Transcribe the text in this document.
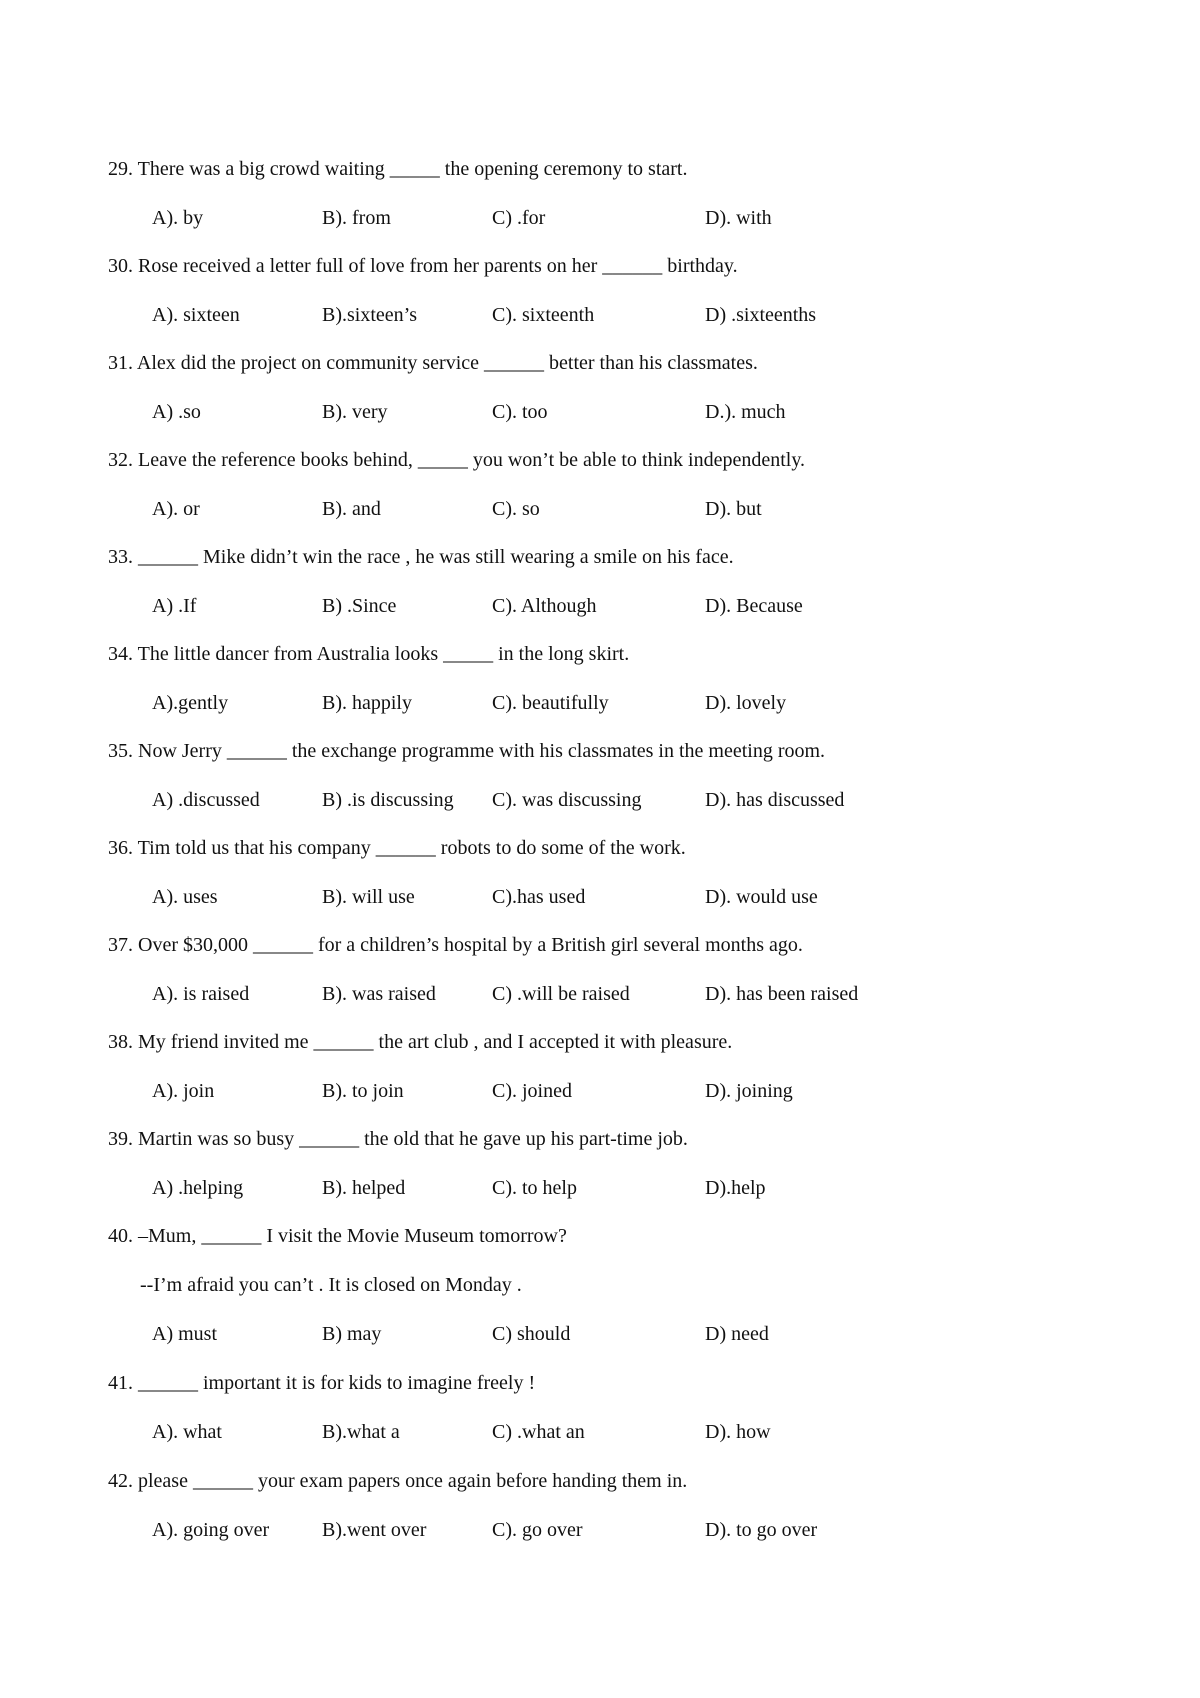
29. There was a big crowd waiting _____ the opening ceremony to start.
A). by	B). from	C) .for	D). with
30. Rose received a letter full of love from her parents on her ______ birthday.
A). sixteen	B).sixteen’s	C). sixteenth	D) .sixteenths
31. Alex did the project on community service ______ better than his classmates.
A) .so	B). very	C). too	D.). much
32. Leave the reference books behind, _____ you won’t be able to think independently.
A). or	B). and	C). so	D). but
33. ______ Mike didn’t win the race , he was still wearing a smile on his face.
A) .If	B) .Since	C). Although	D). Because
34. The little dancer from Australia looks _____ in the long skirt.
A).gently	B). happily	C). beautifully	D). lovely
35. Now Jerry ______ the exchange programme with his classmates in the meeting room.
A) .discussed	B) .is discussing C). was discussing	D). has discussed
36. Tim told us that his company ______ robots to do some of the work.
A). uses	B). will use	C).has used	D). would use
37. Over $30,000 ______ for a children’s hospital by a British girl several months ago.
A). is raised	B). was raised	C) .will be raised	D). has been raised
38. My friend invited me ______ the art club , and I accepted it with pleasure.
A). join	B). to join	C). joined	D). joining
39. Martin was so busy ______ the old that he gave up his part-time job.
A) .helping	B). helped	C). to help	D).help
40. –Mum, ______ I visit the Movie Museum tomorrow?
--I’m afraid you can’t . It is closed on Monday .
A) must	B) may	C) should	D) need
41. ______ important it is for kids to imagine freely !
A). what	B).what a	C) .what an	D). how
42. please ______ your exam papers once again before handing them in.
A). going over	B).went over	C). go over	D). to go over
